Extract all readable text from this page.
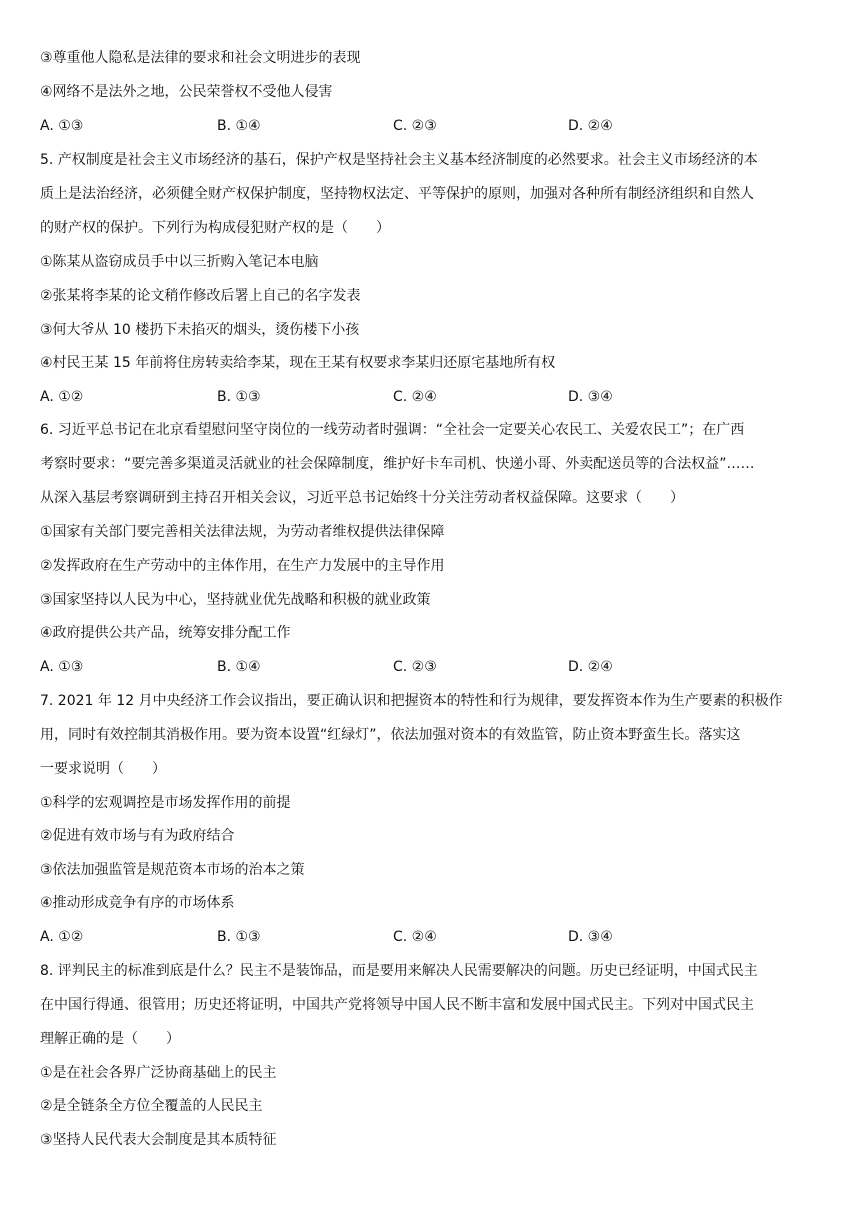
③尊重他人隐私是法律的要求和社会文明进步的表现
④网络不是法外之地，公民荣誉权不受他人侵害
A. ①③	B. ①④	C. ②③	D. ②④
5. 产权制度是社会主义市场经济的基石，保护产权是坚持社会主义基本经济制度的必然要求。社会主义市场经济的本
质上是法治经济，必须健全财产权保护制度，坚持物权法定、平等保护的原则，加强对各种所有制经济组织和自然人
的财产权的保护。下列行为构成侵犯财产权的是（　　）
①陈某从盗窃成员手中以三折购入笔记本电脑
②张某将李某的论文稍作修改后署上自己的名字发表
③何大爷从 10 楼扔下未掐灭的烟头，烫伤楼下小孩
④村民王某 15 年前将住房转卖给李某，现在王某有权要求李某归还原宅基地所有权
A. ①②	B. ①③	C. ②④	D. ③④
6. 习近平总书记在北京看望慰问坚守岗位的一线劳动者时强调：“全社会一定要关心农民工、关爱农民工”；在广西
考察时要求：“要完善多渠道灵活就业的社会保障制度，维护好卡车司机、快递小哥、外卖配送员等的合法权益”……
从深入基层考察调研到主持召开相关会议，习近平总书记始终十分关注劳动者权益保障。这要求（　　）
①国家有关部门要完善相关法律法规，为劳动者维权提供法律保障
②发挥政府在生产劳动中的主体作用，在生产力发展中的主导作用
③国家坚持以人民为中心，坚持就业优先战略和积极的就业政策
④政府提供公共产品，统筹安排分配工作
A. ①③	B. ①④	C. ②③	D. ②④
7. 2021 年 12 月中央经济工作会议指出，要正确认识和把握资本的特性和行为规律，要发挥资本作为生产要素的积极作
用，同时有效控制其消极作用。要为资本设置“红绿灯”，依法加强对资本的有效监管，防止资本野蛮生长。落实这
一要求说明（　　）
①科学的宏观调控是市场发挥作用的前提
②促进有效市场与有为政府结合
③依法加强监管是规范资本市场的治本之策
④推动形成竞争有序的市场体系
A. ①②	B. ①③	C. ②④	D. ③④
8. 评判民主的标准到底是什么？民主不是装饰品，而是要用来解决人民需要解决的问题。历史已经证明，中国式民主
在中国行得通、很管用；历史还将证明，中国共产党将领导中国人民不断丰富和发展中国式民主。下列对中国式民主
理解正确的是（　　）
①是在社会各界广泛协商基础上的民主
②是全链条全方位全覆盖的人民民主
③坚持人民代表大会制度是其本质特征
